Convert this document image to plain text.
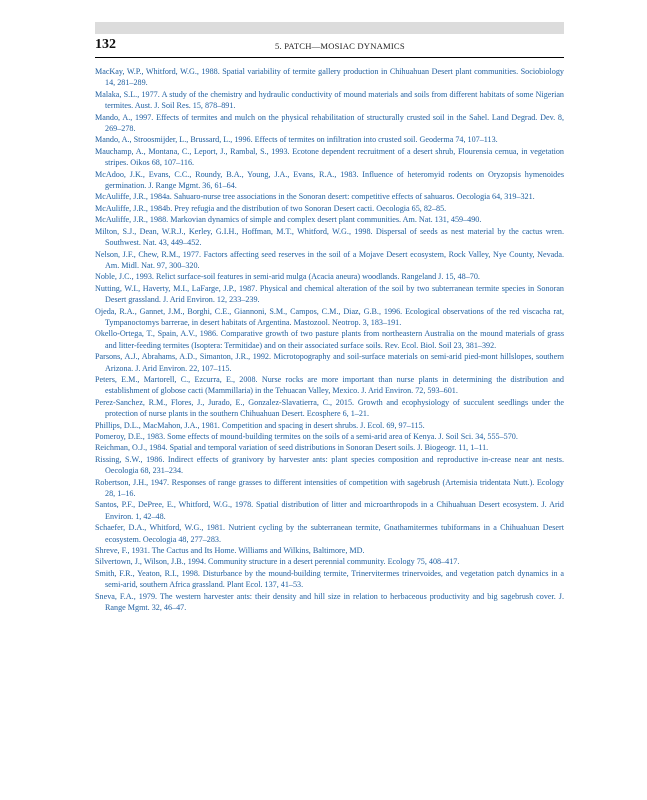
132	5. PATCH—MOSIAC DYNAMICS

MacKay, W.P., Whitford, W.G., 1988. Spatial variability of termite gallery production in Chihuahuan Desert plant communities. Sociobiology 14, 281–289.

Malaka, S.L., 1977. A study of the chemistry and hydraulic conductivity of mound materials and soils from different habitats of some Nigerian termites. Aust. J. Soil Res. 15, 878–891.

Mando, A., 1997. Effects of termites and mulch on the physical rehabilitation of structurally crusted soil in the Sahel. Land Degrad. Dev. 8, 269–278.

Mando, A., Stroosmijder, L., Brussard, L., 1996. Effects of termites on infiltration into crusted soil. Geoderma 74, 107–113.

Mauchamp, A., Montana, C., Leport, J., Rambal, S., 1993. Ecotone dependent recruitment of a desert shrub, Flourensia cernua, in vegetation stripes. Oikos 68, 107–116.

McAdoo, J.K., Evans, C.C., Roundy, B.A., Young, J.A., Evans, R.A., 1983. Influence of heteromyid rodents on Oryzopsis hymenoides germination. J. Range Mgmt. 36, 61–64.

McAuliffe, J.R., 1984a. Sahuaro-nurse tree associations in the Sonoran desert: competitive effects of sahuaros. Oecologia 64, 319–321.

McAuliffe, J.R., 1984b. Prey refugia and the distribution of two Sonoran Desert cacti. Oecologia 65, 82–85.

McAuliffe, J.R., 1988. Markovian dynamics of simple and complex desert plant communities. Am. Nat. 131, 459–490.

Milton, S.J., Dean, W.R.J., Kerley, G.I.H., Hoffman, M.T., Whitford, W.G., 1998. Dispersal of seeds as nest material by the cactus wren. Southwest. Nat. 43, 449–452.

Nelson, J.F., Chew, R.M., 1977. Factors affecting seed reserves in the soil of a Mojave Desert ecosystem, Rock Valley, Nye County, Nevada. Am. Midl. Nat. 97, 300–320.

Noble, J.C., 1993. Relict surface-soil features in semi-arid mulga (Acacia aneura) woodlands. Rangeland J. 15, 48–70.

Nutting, W.I., Haverty, M.I., LaFarge, J.P., 1987. Physical and chemical alteration of the soil by two subterranean termite species in Sonoran Desert grassland. J. Arid Environ. 12, 233–239.

Ojeda, R.A., Gannet, J.M., Borghi, C.E., Giannoni, S.M., Campos, C.M., Diaz, G.B., 1996. Ecological observations of the red viscacha rat, Tympanoctomys barrerae, in desert habitats of Argentina. Mastozool. Neotrop. 3, 183–191.

Okello-Ortega, T., Spain, A.V., 1986. Comparative growth of two pasture plants from northeastern Australia on the mound materials of grass and litter-feeding termites (Isoptera: Termitidae) and on their associated surface soils. Rev. Ecol. Biol. Soil 23, 381–392.

Parsons, A.J., Abrahams, A.D., Simanton, J.R., 1992. Microtopography and soil-surface materials on semi-arid pied-mont hillslopes, southern Arizona. J. Arid Environ. 22, 107–115.

Peters, E.M., Martorell, C., Ezcurra, E., 2008. Nurse rocks are more important than nurse plants in determining the distribution and establishment of globose cacti (Mammillaria) in the Tehuacan Valley, Mexico. J. Arid Environ. 72, 593–601.

Perez-Sanchez, R.M., Flores, J., Jurado, E., Gonzalez-Slavatierra, C., 2015. Growth and ecophysiology of succulent seedlings under the protection of nurse plants in the southern Chihuahuan Desert. Ecosphere 6, 1–21.

Phillips, D.L., MacMahon, J.A., 1981. Competition and spacing in desert shrubs. J. Ecol. 69, 97–115.

Pomeroy, D.E., 1983. Some effects of mound-building termites on the soils of a semi-arid area of Kenya. J. Soil Sci. 34, 555–570.

Reichman, O.J., 1984. Spatial and temporal variation of seed distributions in Sonoran Desert soils. J. Biogeogr. 11, 1–11.

Rissing, S.W., 1986. Indirect effects of granivory by harvester ants: plant species composition and reproductive in-crease near ant nests. Oecologia 68, 231–234.

Robertson, J.H., 1947. Responses of range grasses to different intensities of competition with sagebrush (Artemisia tridentata Nutt.). Ecology 28, 1–16.

Santos, P.F., DePree, E., Whitford, W.G., 1978. Spatial distribution of litter and microarthropods in a Chihuahuan Desert ecosystem. J. Arid Environ. 1, 42–48.

Schaefer, D.A., Whitford, W.G., 1981. Nutrient cycling by the subterranean termite, Gnathamitermes tubiformans in a Chihuahuan Desert ecosystem. Oecologia 48, 277–283.

Shreve, F., 1931. The Cactus and Its Home. Williams and Wilkins, Baltimore, MD.

Silvertown, J., Wilson, J.B., 1994. Community structure in a desert perennial community. Ecology 75, 408–417.

Smith, F.R., Yeaton, R.I., 1998. Disturbance by the mound-building termite, Trinervitermes trinervoides, and vegetation patch dynamics in a semi-arid, southern Africa grassland. Plant Ecol. 137, 41–53.

Sneva, F.A., 1979. The western harvester ants: their density and hill size in relation to herbaceous productivity and big sagebrush cover. J. Range Mgmt. 32, 46–47.
